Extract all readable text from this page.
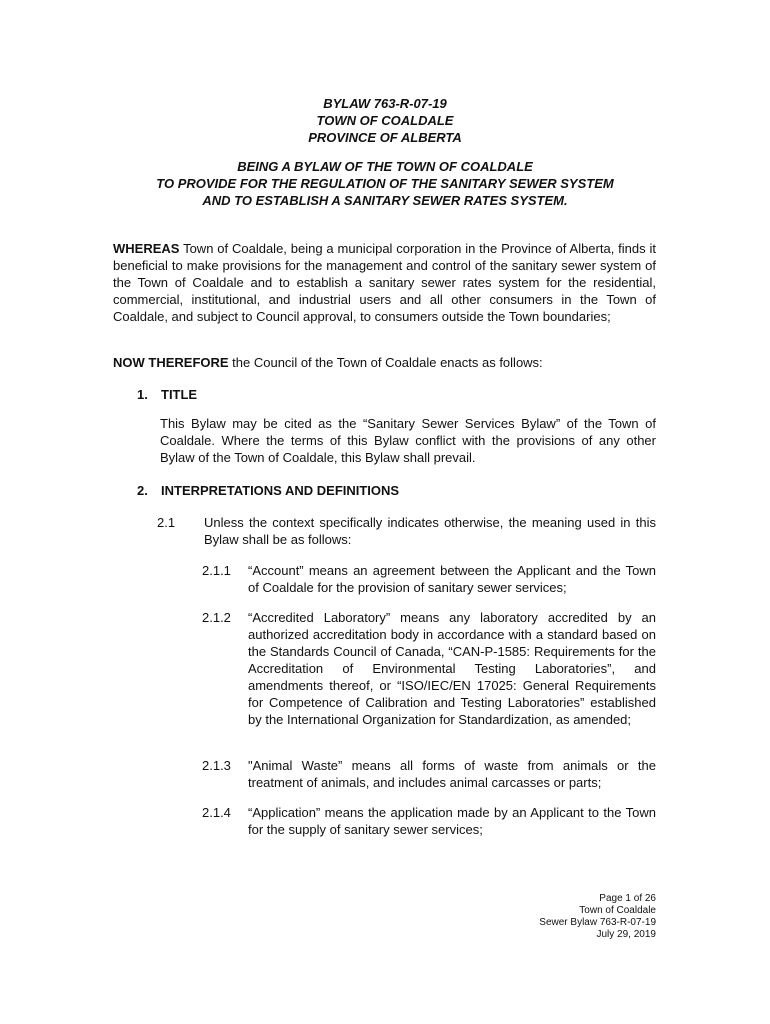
BYLAW 763-R-07-19
TOWN OF COALDALE
PROVINCE OF ALBERTA
BEING A BYLAW OF THE TOWN OF COALDALE
TO PROVIDE FOR THE REGULATION OF THE SANITARY SEWER SYSTEM
AND TO ESTABLISH A SANITARY SEWER RATES SYSTEM.
WHEREAS Town of Coaldale, being a municipal corporation in the Province of Alberta, finds it beneficial to make provisions for the management and control of the sanitary sewer system of the Town of Coaldale and to establish a sanitary sewer rates system for the residential, commercial, institutional, and industrial users and all other consumers in the Town of Coaldale, and subject to Council approval, to consumers outside the Town boundaries;
NOW THEREFORE the Council of the Town of Coaldale enacts as follows:
1. TITLE
This Bylaw may be cited as the “Sanitary Sewer Services Bylaw” of the Town of Coaldale. Where the terms of this Bylaw conflict with the provisions of any other Bylaw of the Town of Coaldale, this Bylaw shall prevail.
2. INTERPRETATIONS AND DEFINITIONS
2.1	Unless the context specifically indicates otherwise, the meaning used in this Bylaw shall be as follows:
2.1.1	“Account” means an agreement between the Applicant and the Town of Coaldale for the provision of sanitary sewer services;
2.1.2	“Accredited Laboratory” means any laboratory accredited by an authorized accreditation body in accordance with a standard based on the Standards Council of Canada, “CAN-P-1585: Requirements for the Accreditation of Environmental Testing Laboratories”, and amendments thereof, or “ISO/IEC/EN 17025: General Requirements for Competence of Calibration and Testing Laboratories” established by the International Organization for Standardization, as amended;
2.1.3	"Animal Waste” means all forms of waste from animals or the treatment of animals, and includes animal carcasses or parts;
2.1.4	“Application” means the application made by an Applicant to the Town for the supply of sanitary sewer services;
Page 1 of 26
Town of Coaldale
Sewer Bylaw 763-R-07-19
July 29, 2019
